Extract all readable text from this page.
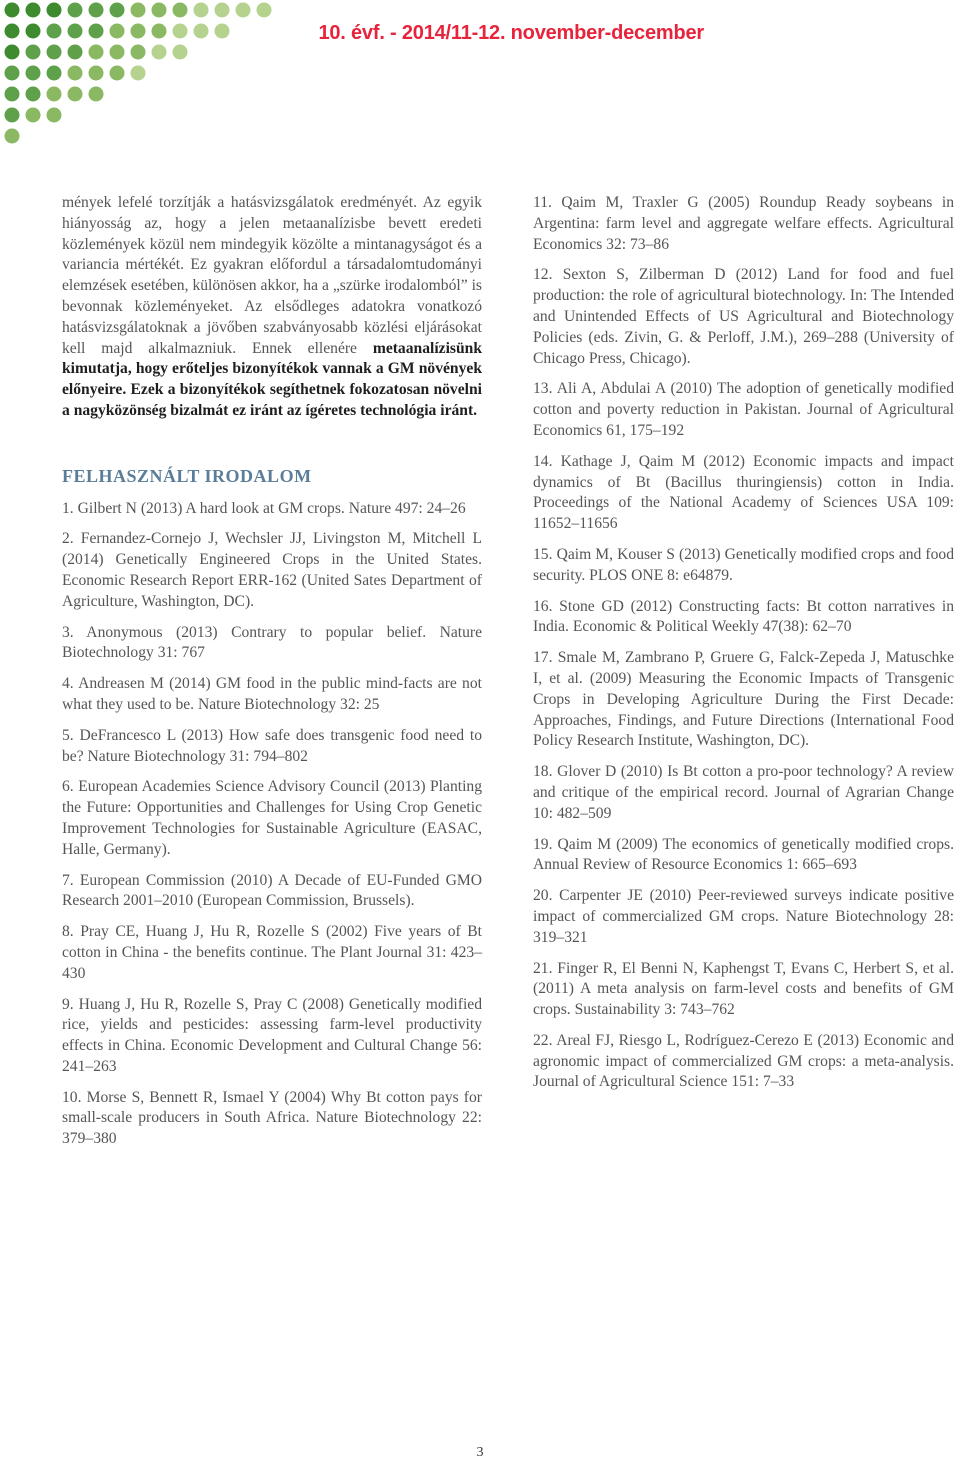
10. évf. - 2014/11-12. november-december

mények lefelé torzítják a hatásvizsgálatok eredményét. Az egyik hiányosság az, hogy a jelen metaanalízisbe bevett eredeti közlemények közül nem mindegyik közölte a mintanagyságot és a variancia mértékét. Ez gyakran előfordul a társadalomtudományi elemzések esetében, különösen akkor, ha a „szürke irodalomból” is bevonnak közleményeket. Az elsődleges adatokra vonatkozó hatásvizsgálatoknak a jövőben szabványosabb közlési eljárásokat kell majd alkalmazniuk. Ennek ellenére metaanalízisünk kimutatja, hogy erőteljes bizonyítékok vannak a GM növények előnyeire. Ezek a bizonyítékok segíthetnek fokozatosan növelni a nagyközönség bizalmát ez iránt az ígéretes technológia iránt.

FELHASZNÁLT IRODALOM

1. Gilbert N (2013) A hard look at GM crops. Nature 497: 24–26

2. Fernandez-Cornejo J, Wechsler JJ, Livingston M, Mitchell L (2014) Genetically Engineered Crops in the United States. Economic Research Report ERR-162 (United Sates Department of Agriculture, Washington, DC).

3. Anonymous (2013) Contrary to popular belief. Nature Biotechnology 31: 767

4. Andreasen M (2014) GM food in the public mind-facts are not what they used to be. Nature Biotechnology 32: 25

5. DeFrancesco L (2013) How safe does transgenic food need to be? Nature Biotechnology 31: 794–802

6. European Academies Science Advisory Council (2013) Planting the Future: Opportunities and Challenges for Using Crop Genetic Improvement Technologies for Sustainable Agriculture (EASAC, Halle, Germany).

7. European Commission (2010) A Decade of EU-Funded GMO Research 2001–2010 (European Commission, Brussels).

8. Pray CE, Huang J, Hu R, Rozelle S (2002) Five years of Bt cotton in China - the benefits continue. The Plant Journal 31: 423–430

9. Huang J, Hu R, Rozelle S, Pray C (2008) Genetically modified rice, yields and pesticides: assessing farm-level productivity effects in China. Economic Development and Cultural Change 56: 241–263

10. Morse S, Bennett R, Ismael Y (2004) Why Bt cotton pays for small-scale producers in South Africa. Nature Biotechnology 22: 379–380

11. Qaim M, Traxler G (2005) Roundup Ready soybeans in Argentina: farm level and aggregate welfare effects. Agricultural Economics 32: 73–86

12. Sexton S, Zilberman D (2012) Land for food and fuel production: the role of agricultural biotechnology. In: The Intended and Unintended Effects of US Agricultural and Biotechnology Policies (eds. Zivin, G. & Perloff, J.M.), 269–288 (University of Chicago Press, Chicago).

13. Ali A, Abdulai A (2010) The adoption of genetically modified cotton and poverty reduction in Pakistan. Journal of Agricultural Economics 61, 175–192

14. Kathage J, Qaim M (2012) Economic impacts and impact dynamics of Bt (Bacillus thuringiensis) cotton in India. Proceedings of the National Academy of Sciences USA 109: 11652–11656

15. Qaim M, Kouser S (2013) Genetically modified crops and food security. PLOS ONE 8: e64879.

16. Stone GD (2012) Constructing facts: Bt cotton narratives in India. Economic & Political Weekly 47(38): 62–70

17. Smale M, Zambrano P, Gruere G, Falck-Zepeda J, Matuschke I, et al. (2009) Measuring the Economic Impacts of Transgenic Crops in Developing Agriculture During the First Decade: Approaches, Findings, and Future Directions (International Food Policy Research Institute, Washington, DC).

18. Glover D (2010) Is Bt cotton a pro-poor technology? A review and critique of the empirical record. Journal of Agrarian Change 10: 482–509

19. Qaim M (2009) The economics of genetically modified crops. Annual Review of Resource Economics 1: 665–693

20. Carpenter JE (2010) Peer-reviewed surveys indicate positive impact of commercialized GM crops. Nature Biotechnology 28: 319–321

21. Finger R, El Benni N, Kaphengst T, Evans C, Herbert S, et al. (2011) A meta analysis on farm-level costs and benefits of GM crops. Sustainability 3: 743–762

22. Areal FJ, Riesgo L, Rodríguez-Cerezo E (2013) Economic and agronomic impact of commercialized GM crops: a meta-analysis. Journal of Agricultural Science 151: 7–33

3
